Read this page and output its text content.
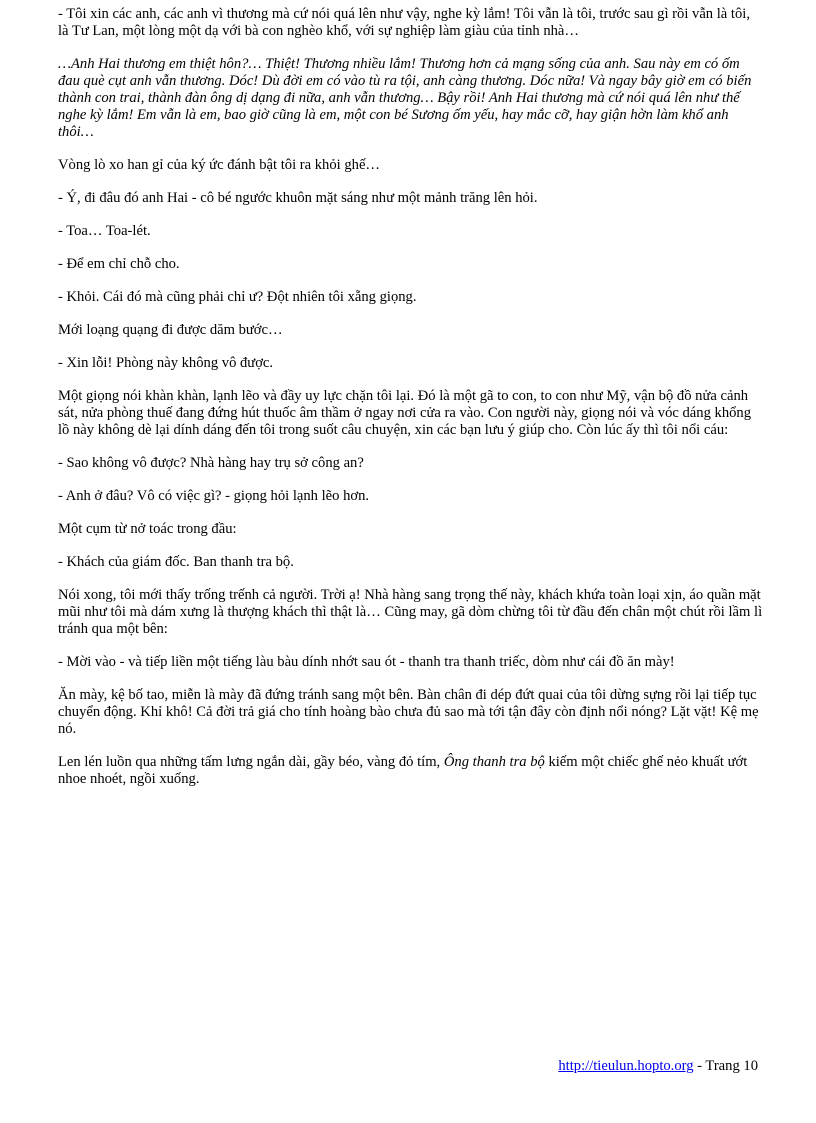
- Tôi xin các anh, các anh vì thương mà cứ nói quá lên như vậy, nghe kỳ lắm! Tôi vẫn là tôi, trước sau gì rồi vẫn là tôi, là Tư Lan, một lòng một dạ với bà con nghèo khổ, với sự nghiệp làm giàu của tỉnh nhà…

…Anh Hai thương em thiệt hôn?… Thiệt! Thương nhiều lắm! Thương hơn cả mạng sống của anh. Sau này em có ốm đau què cụt anh vẫn thương. Dóc! Dù đời em có vào tù ra tội, anh càng thương. Dóc nữa! Và ngay bây giờ em có biến thành con trai, thành đàn ông dị dạng đi nữa, anh vẫn thương… Bậy rồi! Anh Hai thương mà cứ nói quá lên như thế nghe kỳ lắm! Em vẫn là em, bao giờ cũng là em, một con bé Sương ốm yếu, hay mắc cỡ, hay giận hờn làm khổ anh thôi…

Vòng lò xo han gỉ của ký ức đánh bật tôi ra khỏi ghế…

- Ý, đi đâu đó anh Hai - cô bé ngước khuôn mặt sáng như một mảnh trăng lên hỏi.

- Toa… Toa-lét.

- Để em chỉ chỗ cho.

- Khỏi. Cái đó mà cũng phải chỉ ư? Đột nhiên tôi xẵng giọng.

Mới loạng quạng đi được dăm bước…

- Xin lỗi! Phòng này không vô được.

Một giọng nói khàn khàn, lạnh lẽo và đầy uy lực chặn tôi lại. Đó là một gã to con, to con như Mỹ, vận bộ đồ nửa cảnh sát, nửa phòng thuế đang đứng hút thuốc âm thầm ở ngay nơi cửa ra vào. Con người này, giọng nói và vóc dáng khổng lồ này không dè lại dính dáng đến tôi trong suốt câu chuyện, xin các bạn lưu ý giúp cho. Còn lúc ấy thì tôi nổi cáu:

- Sao không vô được? Nhà hàng hay trụ sở công an?

- Anh ở đâu? Vô có việc gì? - giọng hỏi lạnh lẽo hơn.

Một cụm từ nở toác trong đầu:

- Khách của giám đốc. Ban thanh tra bộ.

Nói xong, tôi mới thấy trống trếnh cả người. Trời ạ! Nhà hàng sang trọng thế này, khách khứa toàn loại xịn, áo quần mặt mũi như tôi mà dám xưng là thượng khách thì thật là… Cũng may, gã dòm chừng tôi từ đầu đến chân một chút rồi lầm lì tránh qua một bên:

- Mời vào - và tiếp liền một tiếng làu bàu dính nhớt sau ót - thanh tra thanh triếc, dòm như cái đồ ăn mày!

Ăn mày, kệ bố tao, miễn là mày đã đứng tránh sang một bên. Bàn chân đi dép đứt quai của tôi dừng sựng rồi lại tiếp tục chuyển động. Khỉ khô! Cả đời trả giá cho tính hoàng bào chưa đủ sao mà tới tận đây còn định nổi nóng? Lặt vặt! Kệ mẹ nó.

Len lén luồn qua những tấm lưng ngắn dài, gầy béo, vàng đỏ tím, Ông thanh tra bộ kiếm một chiếc ghế nẻo khuất ướt nhoe nhoét, ngồi xuống.

http://tieulun.hopto.org - Trang 10
